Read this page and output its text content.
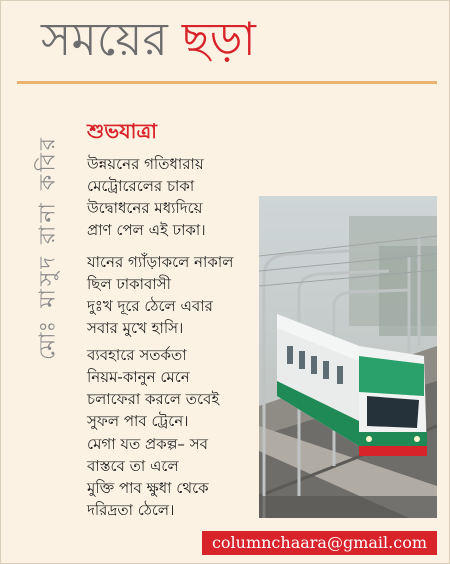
সময়ের ছড়া
মোঃ মাসুদ রানা কবির
শুভযাত্রা
উন্নয়নের গতিধারায়
মেট্রোরেলের চাকা
উদ্বোধনের মধ্যদিয়ে
প্রাণ পেল এই ঢাকা।
যানের গ্যাঁড়াকলে নাকাল
ছিল ঢাকাবাসী
দুঃখ দূরে ঠেলে এবার
সবার মুখে হাসি।
ব্যবহারে সতর্কতা
নিয়ম-কানুন মেনে
চলাফেরা করলে তবেই
সুফল পাব ট্রেনে।
মেগা যত প্রকল্প– সব
বাস্তবে তা এলে
মুক্তি পাব ক্ষুধা থেকে
দরিদ্রতা ঠেলে।
columnchaara@gmail.com
